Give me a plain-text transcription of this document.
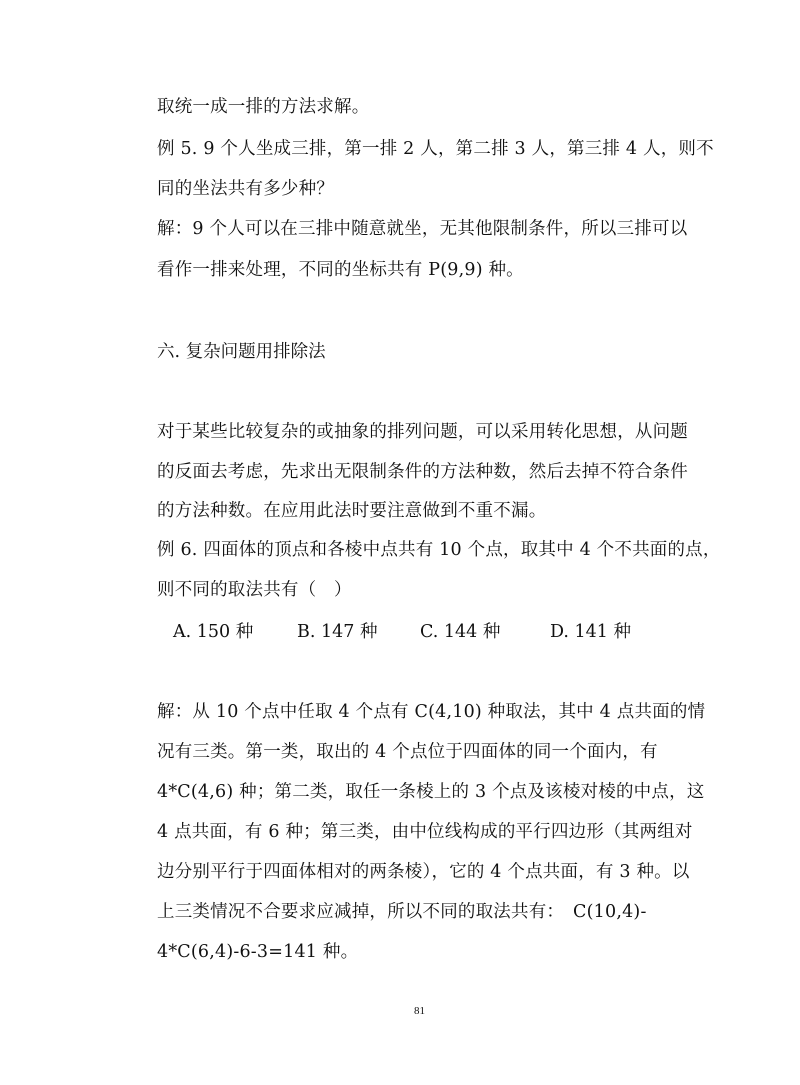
取统一成一排的方法求解。
例 5. 9 个人坐成三排，第一排 2 人，第二排 3 人，第三排 4 人，则不
同的坐法共有多少种？
解：9 个人可以在三排中随意就坐，无其他限制条件，所以三排可以
看作一排来处理，不同的坐标共有 P(9,9) 种。
六. 复杂问题用排除法
对于某些比较复杂的或抽象的排列问题，可以采用转化思想，从问题
的反面去考虑，先求出无限制条件的方法种数，然后去掉不符合条件
的方法种数。在应用此法时要注意做到不重不漏。
例 6. 四面体的顶点和各棱中点共有 10 个点，取其中 4 个不共面的点，
则不同的取法共有（　）
A. 150 种	B. 147 种 C. 144 种	D. 141 种
解：从 10 个点中任取 4 个点有 C(4,10) 种取法，其中 4 点共面的情
况有三类。第一类，取出的 4 个点位于四面体的同一个面内，有
4*C(4,6) 种；第二类，取任一条棱上的 3 个点及该棱对棱的中点，这
4 点共面，有 6 种；第三类，由中位线构成的平行四边形（其两组对
边分别平行于四面体相对的两条棱），它的 4 个点共面，有 3 种。以
上三类情况不合要求应减掉，所以不同的取法共有：　C(10,4)-
4*C(6,4)-6-3=141 种。
81
